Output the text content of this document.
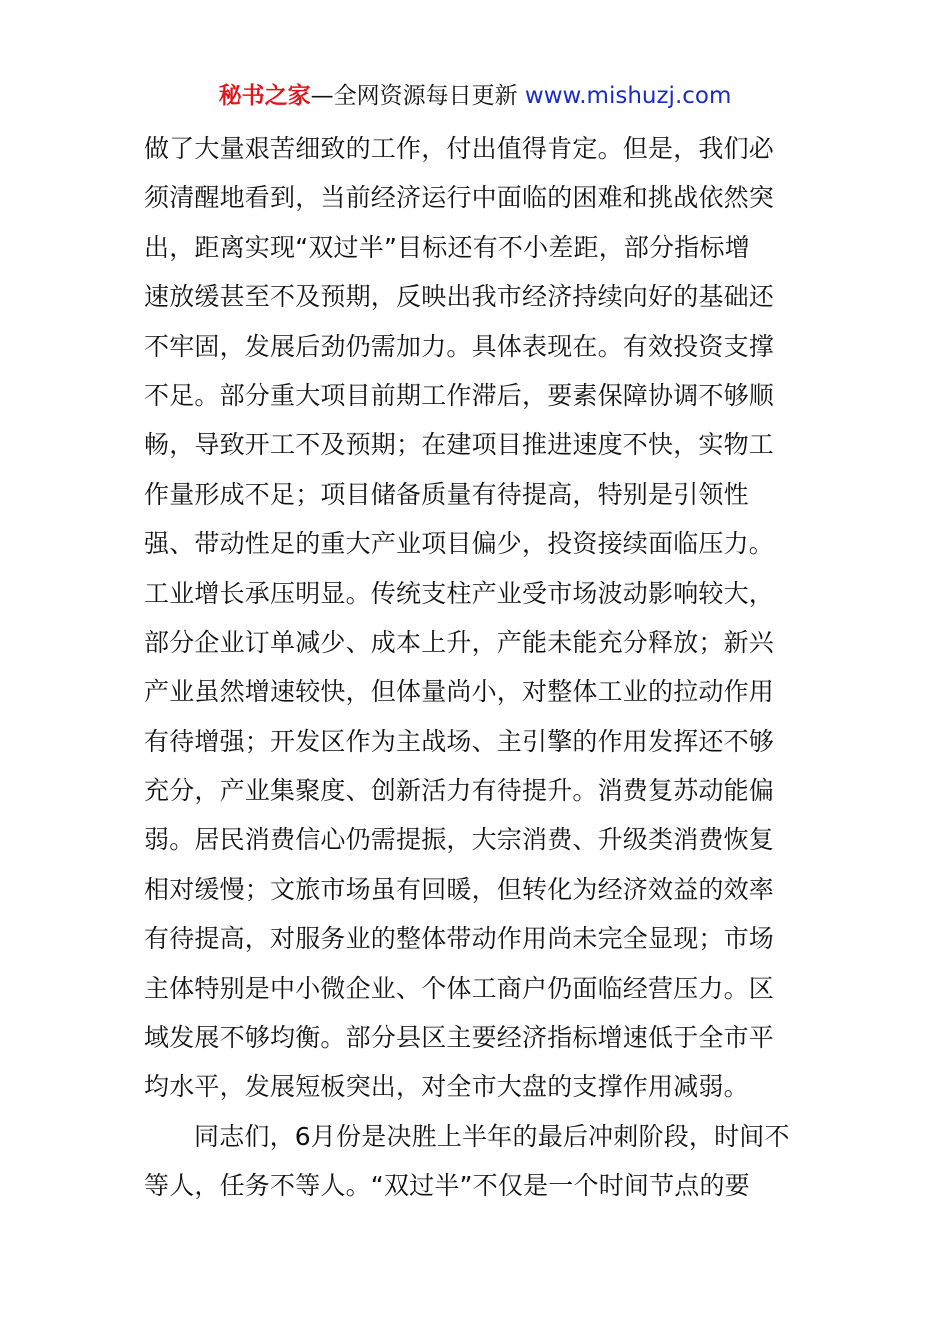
秘书之家—全网资源每日更新 www.mishuzj.com
做了大量艰苦细致的工作，付出值得肯定。但是，我们必
须清醒地看到，当前经济运行中面临的困难和挑战依然突
出，距离实现“双过半”目标还有不小差距，部分指标增
速放缓甚至不及预期，反映出我市经济持续向好的基础还
不牢固，发展后劲仍需加力。具体表现在。有效投资支撑
不足。部分重大项目前期工作滞后，要素保障协调不够顺
畅，导致开工不及预期；在建项目推进速度不快，实物工
作量形成不足；项目储备质量有待提高，特别是引领性
强、带动性足的重大产业项目偏少，投资接续面临压力。
工业增长承压明显。传统支柱产业受市场波动影响较大，
部分企业订单减少、成本上升，产能未能充分释放；新兴
产业虽然增速较快，但体量尚小，对整体工业的拉动作用
有待增强；开发区作为主战场、主引擎的作用发挥还不够
充分，产业集聚度、创新活力有待提升。消费复苏动能偏
弱。居民消费信心仍需提振，大宗消费、升级类消费恢复
相对缓慢；文旅市场虽有回暖，但转化为经济效益的效率
有待提高，对服务业的整体带动作用尚未完全显现；市场
主体特别是中小微企业、个体工商户仍面临经营压力。区
域发展不够均衡。部分县区主要经济指标增速低于全市平
均水平，发展短板突出，对全市大盘的支撑作用减弱。
同志们，6月份是决胜上半年的最后冲刺阶段，时间不
等人，任务不等人。“双过半”不仅是一个时间节点的要
